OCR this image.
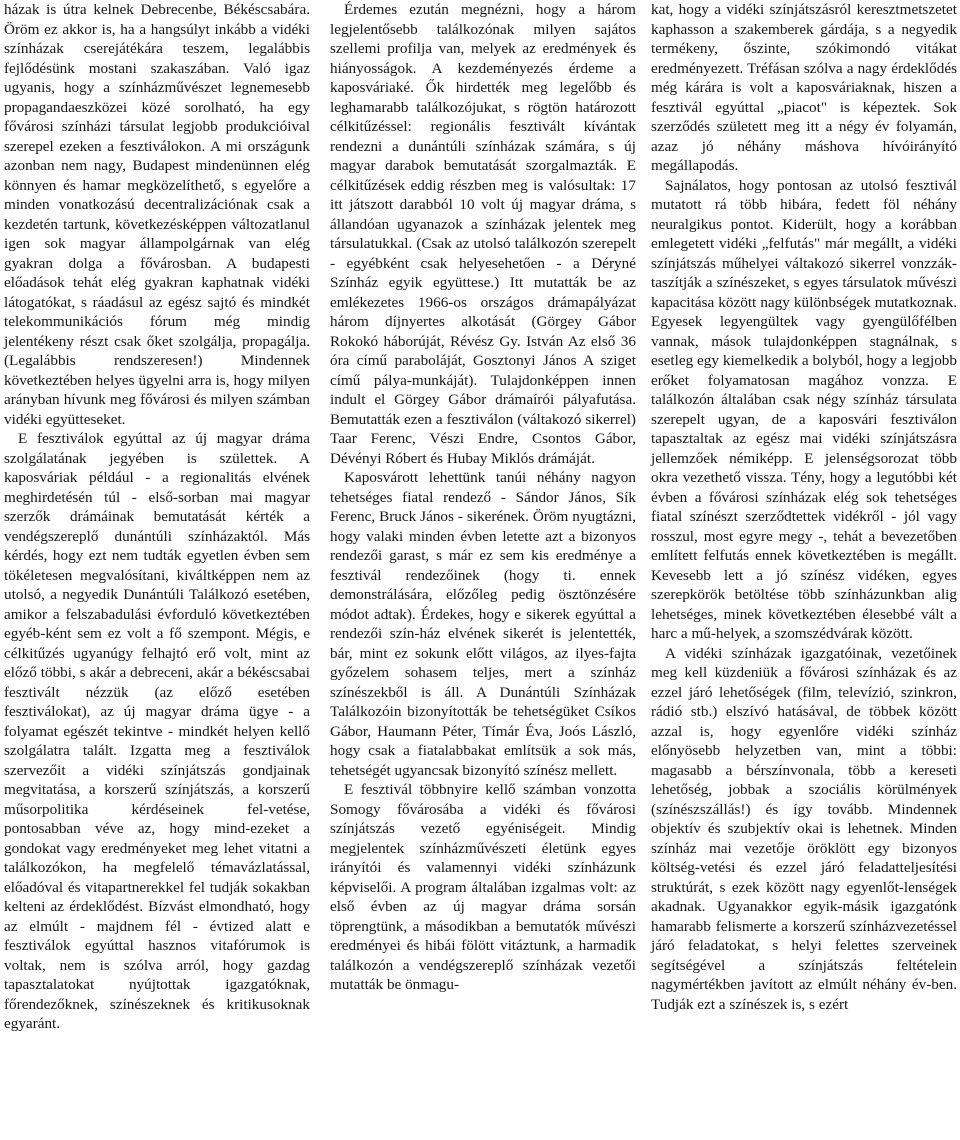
házak is útra kelnek Debrecenbe, Békéscsabára. Öröm ez akkor is, ha a hangsúlyt inkább a vidéki színházak cserejátékára teszem, legalábbis fejlődésünk mostani szakaszában. Való igaz ugyanis, hogy a színházművészet legnemesebb propagandaeszközei közé sorolható, ha egy fővárosi színházi társulat legjobb produkcióival szerepel ezeken a fesztiválokon. A mi országunk azonban nem nagy, Budapest mindenünnen elég könnyen és hamar megközelíthető, s egyelőre a minden vonatkozású decentralizációnak csak a kezdetén tartunk, következésképpen változatlanul igen sok magyar állampolgárnak van elég gyakran dolga a fővárosban. A budapesti előadások tehát elég gyakran kaphatnak vidéki látogatókat, s ráadásul az egész sajtó és mindkét telekommunikációs fórum még mindig jelentékeny részt csak őket szolgálja, propagálja. (Legalábbis rendszeresen!) Mindennek következtében helyes ügyelni arra is, hogy milyen arányban hívunk meg fővárosi és milyen számban vidéki együtteseket.

E fesztiválok egyúttal az új magyar dráma szolgálatának jegyében is születtek. A kaposváriak például - a regionalitás elvének meghirdetésén túl - első-sorban mai magyar szerzők drámáinak bemutatását kérték a vendégszereplő dunántúli színházaktól. Más kérdés, hogy ezt nem tudták egyetlen évben sem tökéletesen megvalósítani, kiváltképpen nem az utolsó, a negyedik Dunántúli Találkozó esetében, amikor a felszabadulási évforduló következtében egyéb-ként sem ez volt a fő szempont. Mégis, e célkitűzés ugyanúgy felhajtó erő volt, mint az előző többi, s akár a debreceni, akár a békéscsabai fesztivált nézzük (az előző esetében fesztiválokat), az új magyar dráma ügye - a folyamat egészét tekintve - mindkét helyen kellő szolgálatra talált. Izgatta meg a fesztiválok szervezőit a vidéki színjátszás gondjainak megvitatása, a korszerű színjátszás, a korszerű műsorpolitika kérdéseinek fel-vetése, pontosabban véve az, hogy mind-ezeket a gondokat vagy eredményeket meg lehet vitatni a találkozókon, ha megfelelő témavázlatással, előadóval és vitapartnerekkel fel tudják sokakban kelteni az érdeklődést. Bízvást elmondható, hogy az elmúlt - majdnem fél - évtized alatt e fesztiválok egyúttal hasznos vitafórumok is voltak, nem is szólva arról, hogy gazdag tapasztalatokat nyújtottak igazgatóknak, főrendezőknek, színészeknek és kritikusoknak egyaránt.

Érdemes ezután megnézni, hogy a három legjelentősebb találkozónak milyen sajátos szellemi profilja van, melyek az eredmények és hiányosságok. A kezdeményezés érdeme a kaposváriaké. Ők hirdették meg legelőbb és leghamarabb találkozójukat, s rögtön határozott célkitűzéssel: regionális fesztivált kívántak rendezni a dunántúli színházak számára, s új magyar darabok bemutatását szorgalmazták. E célkitűzések eddig részben meg is valósultak: 17 itt játszott darabból 10 volt új magyar dráma, s állandóan ugyanazok a színházak jelentek meg társulatukkal. (Csak az utolsó találkozón szerepelt - egyébként csak helyesehetően - a Déryné Színház egyik együttese.) Itt mutatták be az emlékezetes 1966-os országos drámapályázat három díjnyertes alkotását (Görgey Gábor Rokokó háborúját, Révész Gy. István Az első 36 óra című paraboláját, Gosztonyi János A sziget című pálya-munkáját). Tulajdonképpen innen indult el Görgey Gábor drámaírói pályafutása. Bemutatták ezen a fesztiválon (váltakozó sikerrel) Taar Ferenc, Vészi Endre, Csontos Gábor, Dévényi Róbert és Hubay Miklós drámáját.

Kaposvárott lehettünk tanúi néhány nagyon tehetséges fiatal rendező - Sándor János, Sík Ferenc, Bruck János - sikerének. Öröm nyugtázni, hogy valaki minden évben letette azt a bizonyos rendezői garast, s már ez sem kis eredménye a fesztivál rendezőinek (hogy ti. ennek demonstrálására, előzőleg pedig ösztönzésére módot adtak). Érdekes, hogy e sikerek egyúttal a rendezői szín-ház elvének sikerét is jelentették, bár, mint ez sokunk előtt világos, az ilyes-fajta győzelem sohasem teljes, mert a színház színészekből is áll. A Dunántúli Színházak Találkozóin bizonyították be tehetségüket Csíkos Gábor, Haumann Péter, Tímár Éva, Joós László, hogy csak a fiatalabbakat említsük a sok más, tehetségét ugyancsak bizonyító színész mellett.

E fesztivál többnyire kellő számban vonzotta Somogy fővárosába a vidéki és fővárosi színjátszás vezető egyéniségeit. Mindig megjelentek színházművészeti életünk egyes irányítói és valamennyi vidéki színházunk képviselői. A program általában izgalmas volt: az első évben az új magyar dráma sorsán töprengtünk, a másodikban a bemutatók művészi eredményei és hibái fölött vitáztunk, a harmadik találkozón a vendégszereplő színházak vezetői mutatták be önmagu-

kat, hogy a vidéki színjátszásról keresztmetszetet kaphasson a szakemberek gárdája, s a negyedik termékeny, őszinte, szókimondó vitákat eredményezett. Tréfásan szólva a nagy érdeklődés még kárára is volt a kaposváriaknak, hiszen a fesztivál egyúttal „piacot" is képeztek. Sok szerződés született meg itt a négy év folyamán, azaz jó néhány máshova hívóirányító megállapodás.

Sajnálatos, hogy pontosan az utolsó fesztivál mutatott rá több hibára, fedett föl néhány neuralgikus pontot. Kiderült, hogy a korábban emlegetett vidéki „felfutás" már megállt, a vidéki színjátszás műhelyei váltakozó sikerrel vonzzák-taszítják a színészeket, s egyes társulatok művészi kapacitása között nagy különbségek mutatkoznak. Egyesek legyengültek vagy gyengülőfélben vannak, mások tulajdonképpen stagnálnak, s esetleg egy kiemelkedik a bolyból, hogy a legjobb erőket folyamatosan magához vonzza. E találkozón általában csak négy színház társulata szerepelt ugyan, de a kaposvári fesztiválon tapasztaltak az egész mai vidéki színjátszásra jellemzőek némiképp. E jelenségsorozat több okra vezethető vissza. Tény, hogy a legutóbbi két évben a fővárosi színházak elég sok tehetséges fiatal színészt szerződtettek vidékről - jól vagy rosszul, most egyre megy -, tehát a bevezetőben említett felfutás ennek következtében is megállt. Kevesebb lett a jó színész vidéken, egyes szerepkörök betöltése több színházunkban alig lehetséges, minek következtében élesebbé vált a harc a mű-helyek, a szomszédvárak között.

A vidéki színházak igazgatóinak, vezetőinek meg kell küzdeniük a fővárosi színházak és az ezzel járó lehetőségek (film, televízió, szinkron, rádió stb.) elszívó hatásával, de többek között azzal is, hogy egyenlőre vidéki színház előnyösebb helyzetben van, mint a többi: magasabb a bérszínvonala, több a kereseti lehetőség, jobbak a szociális körülmények (színészszállás!) és így tovább. Mindennek objektív és szubjektív okai is lehetnek. Minden színház mai vezetője öröklött egy bizonyos költség-vetési és ezzel járó feladatteljesítési struktúrát, s ezek között nagy egyenlőt-lenségek akadnak. Ugyanakkor egyik-másik igazgatónk hamarabb felismerte a korszerű színházvezetéssel járó feladatokat, s helyi felettes szerveinek segítségével a színjátszás feltételein nagymértékben javított az elmúlt néhány év-ben. Tudják ezt a színészek is, s ezért
